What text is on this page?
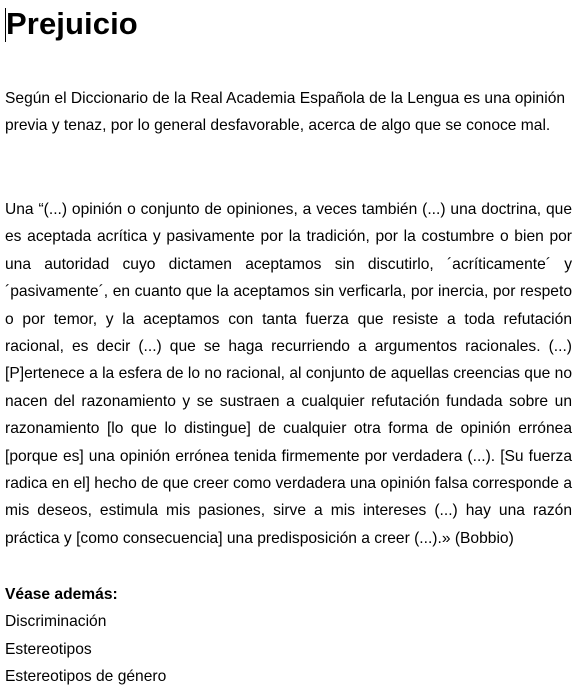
Prejuicio

Según el Diccionario de la Real Academia Española de la Lengua es una opinión previa y tenaz, por lo general desfavorable, acerca de algo que se conoce mal.

Una “(...) opinión o conjunto de opiniones, a veces también (...) una doctrina, que es aceptada acrítica y pasivamente por la tradición, por la costumbre o bien por una autoridad cuyo dictamen aceptamos sin discutirlo, ´acríticamente´ y ´pasivamente´, en cuanto que la aceptamos sin verficarla, por inercia, por respeto o por temor, y la aceptamos con tanta fuerza que resiste a toda refutación racional, es decir (...) que se haga recurriendo a argumentos racionales. (...) [P]ertenece a la esfera de lo no racional, al conjunto de aquellas creencias que no nacen del razonamiento y se sustraen a cualquier refutación fundada sobre un razonamiento [lo que lo distingue] de cualquier otra forma de opinión errónea [porque es] una opinión errónea tenida firmemente por verdadera (...). [Su fuerza radica en el] hecho de que creer como verdadera una opinión falsa corresponde a mis deseos, estimula mis pasiones, sirve a mis intereses (...) hay una razón práctica y [como consecuencia] una predisposición a creer (...).» (Bobbio)

Véase además:
Discriminación
Estereotipos
Estereotipos de género
